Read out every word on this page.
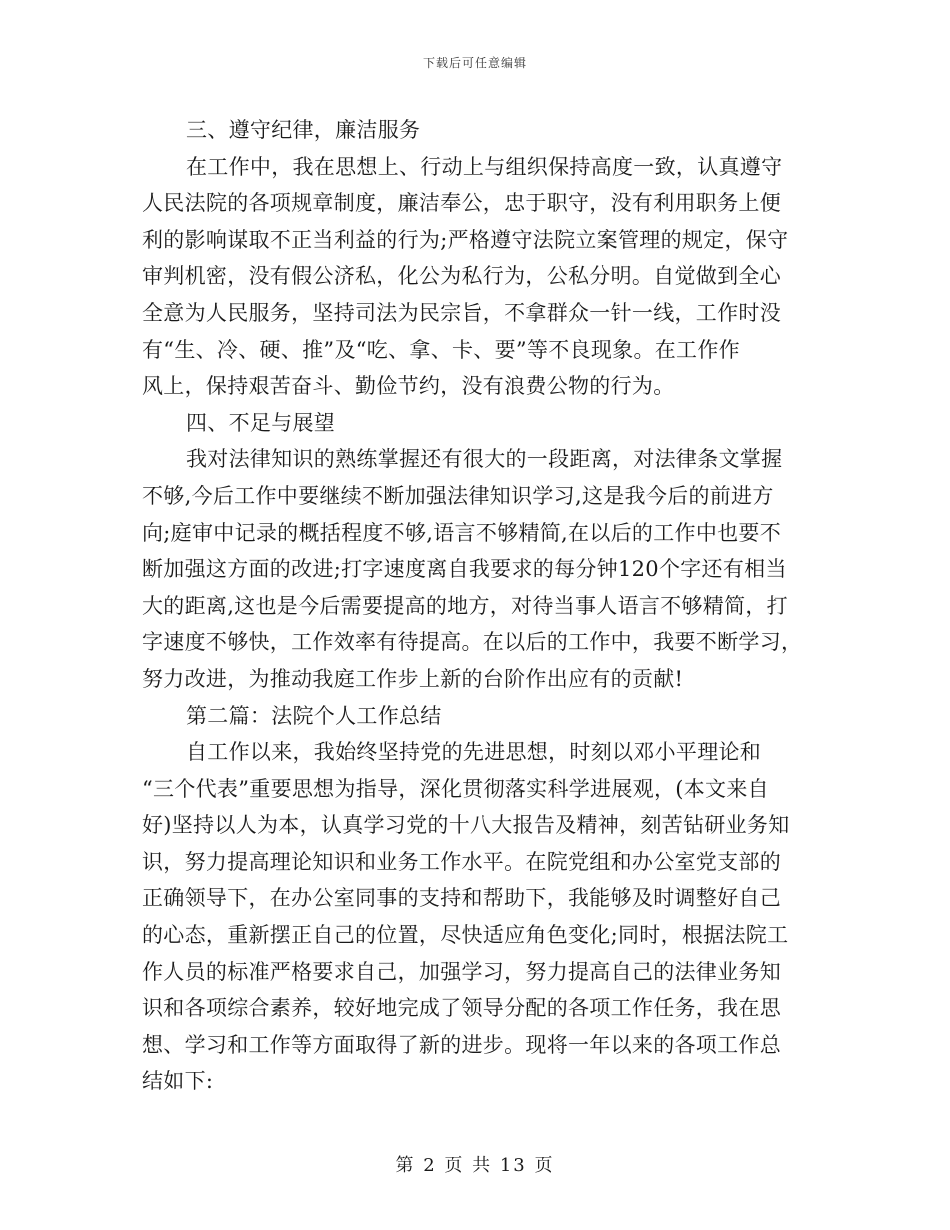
下载后可任意编辑
三、遵守纪律，廉洁服务
在工作中，我在思想上、行动上与组织保持高度一致，认真遵守
人民法院的各项规章制度，廉洁奉公，忠于职守，没有利用职务上便
利的影响谋取不正当利益的行为;严格遵守法院立案管理的规定，保守
审判机密，没有假公济私，化公为私行为，公私分明。自觉做到全心
全意为人民服务，坚持司法为民宗旨，不拿群众一针一线，工作时没
有“生、冷、硬、推”及“吃、拿、卡、要”等不良现象。在工作作
风上，保持艰苦奋斗、勤俭节约，没有浪费公物的行为。
四、不足与展望
我对法律知识的熟练掌握还有很大的一段距离，对法律条文掌握
不够,今后工作中要继续不断加强法律知识学习,这是我今后的前进方
向;庭审中记录的概括程度不够,语言不够精简,在以后的工作中也要不
断加强这方面的改进;打字速度离自我要求的每分钟120个字还有相当
大的距离,这也是今后需要提高的地方，对待当事人语言不够精简，打
字速度不够快，工作效率有待提高。在以后的工作中，我要不断学习，
努力改进，为推动我庭工作步上新的台阶作出应有的贡献!
第二篇：法院个人工作总结
自工作以来，我始终坚持党的先进思想，时刻以邓小平理论和
“三个代表”重要思想为指导，深化贯彻落实科学进展观，(本文来自
好)坚持以人为本，认真学习党的十八大报告及精神，刻苦钻研业务知
识，努力提高理论知识和业务工作水平。在院党组和办公室党支部的
正确领导下，在办公室同事的支持和帮助下，我能够及时调整好自己
的心态，重新摆正自己的位置，尽快适应角色变化;同时，根据法院工
作人员的标准严格要求自己，加强学习，努力提高自己的法律业务知
识和各项综合素养，较好地完成了领导分配的各项工作任务，我在思
想、学习和工作等方面取得了新的进步。现将一年以来的各项工作总
结如下:
第 2 页 共 13 页
